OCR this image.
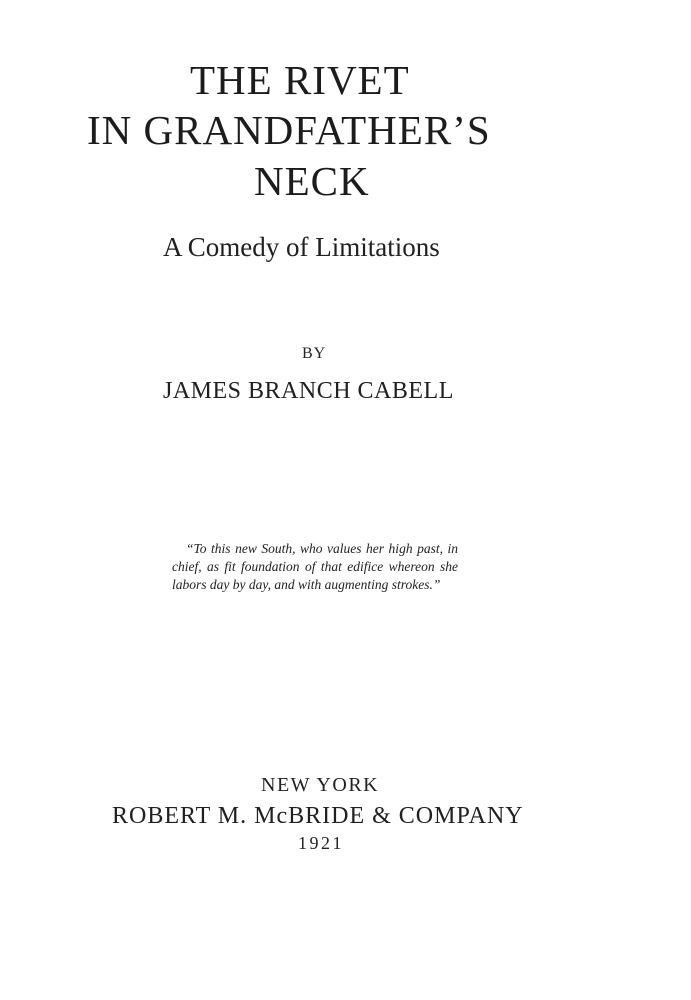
THE RIVET
IN GRANDFATHER’S
NECK
A Comedy of Limitations
BY
JAMES BRANCH CABELL
“To this new South, who values her high past, in chief, as fit foundation of that edifice whereon she labors day by day, and with augmenting strokes.”
NEW YORK
ROBERT M. McBRIDE & COMPANY
1921
